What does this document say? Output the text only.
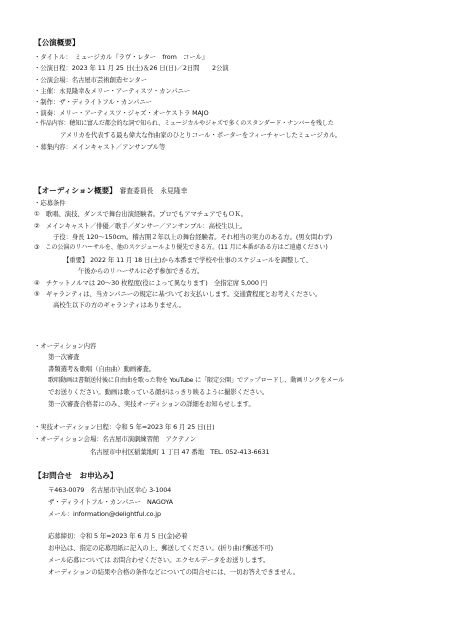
【公演概要】
・タイトル：　ミュージカル『ラヴ・レター　from　コール』
・公演日程：2023 年 11 月 25 日(土)＆26 日(日)／2日間　　2公演
・公演会場：名古屋市芸術創造センター
・主催：永見隆幸＆メリー・アーティスツ・カンパニー
・制作：ザ・ディライトフル・カンパニー
・演奏：メリー・アーティスツ・ジャズ・オーケストラ MAJO
・作品内容：穂知に富んだ都会的な詞で知られ、ミュージカルやジャズで多くのスタンダード・ナンバーを残した
アメリカを代表する最も偉大な作曲家のひとりコール・ポーターをフィーチャーしたミュージカル。
・募集内容：メインキャスト／アンサンブル等
【オーディション概要】 審査委員長　永見隆幸
・応募条件
①　歌唱、演技、ダンスで舞台出演経験者。プロでもアマチュアでもＯＫ。
②　メインキャスト／俳優／歌手／ダンサー／アンサンブル：高校生以上。
子役：身長 120～150cm。稽古開２年以上の舞台経験者。それ相当の実力のある方。(男女問わず)
③　この公演のリハーサルを、他のスケジュールより優先できる方。(11 月に本番がある方はご遠慮ください)
【重要】 2022 年 11 月 18 日(土)から本番まで学校や仕事のスケジュールを調整して、
午後からのリハーサルに必ず参加できる方。
④　チケットノルマは 20～30 枚程度(役によって異なります)　全指定席 5,000 円
⑤　ギャランティは、当カンパニーの規定に基づいてお支払いします。交通費程度とお考えください。
高校生以下の方のギャランティはありません。
・オーディション内容
第一次審査
書類選考＆歌唱（自由曲）動画審査。
歌唱動画は書類送付後に自由曲を歌った物を YouTube に「限定公開」でアップロードし、動画リンクをメール
でお送りください。動画は歌っている顔がはっきり映るように撮影ください。
第一次審査合格者にのみ、実技オーディションの詳細をお知らせします。
・実技オーディション日程：令和 5 年=2023 年 6 月 25 日(日)
・オーディション会場：名古屋市演劇練習館　アクテノン
名古屋市中村区稲葉地町 1 丁目 47 番地　TEL. 052-413-6631
【お問合せ　お申込み】
〒463-0079　名古屋市守山区幸心 3-1004
ザ・ディライトフル・カンパニー　NAGOYA
メール：information@delightful.co.jp
応募締切：令和 5 年=2023 年 6 月 5 日(金)必着
お申込は、指定の応募用紙に記入の上、郵送してください。(折り曲げ郵送不可)
メール応募については お問合わせください。エクセルデータをお送りします。
オーディションの結果や合格の条件などについての問合せには、一切お答えできません。
